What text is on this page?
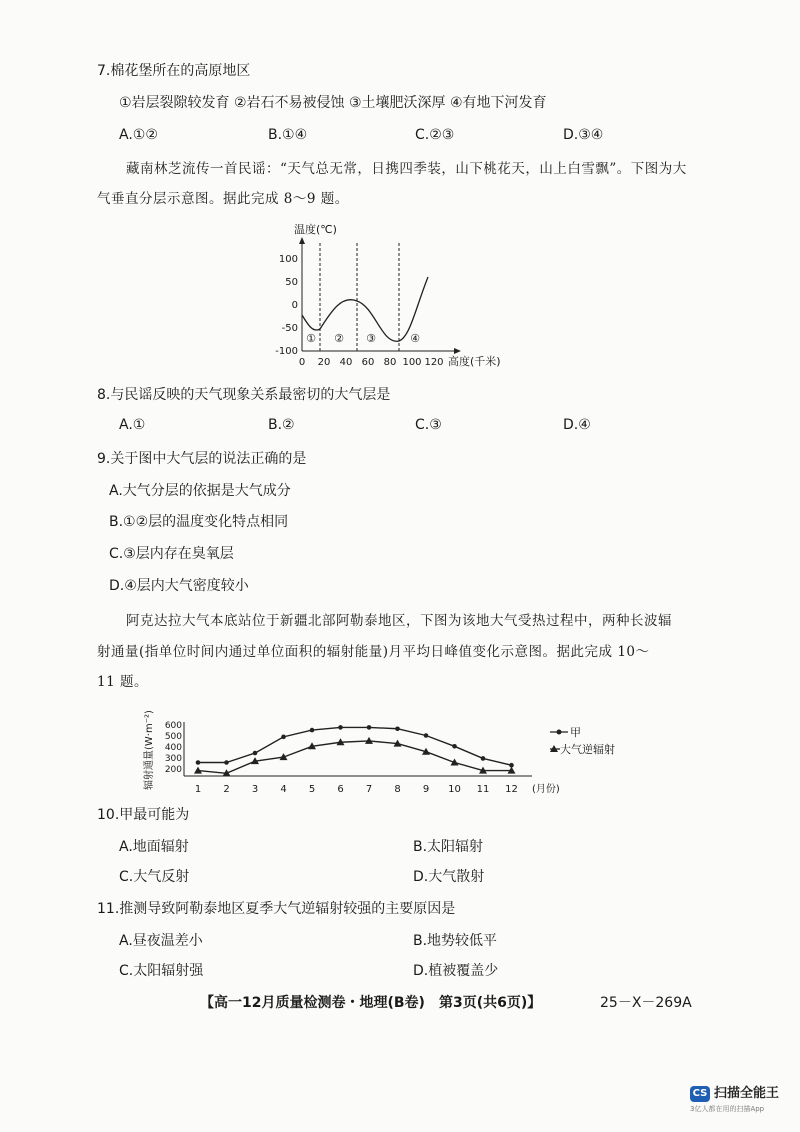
7.棉花堡所在的高原地区
①岩层裂隙较发育 ②岩石不易被侵蚀 ③土壤肥沃深厚 ④有地下河发育
A.①②	B.①④	C.②③	D.③④
藏南林芝流传一首民谣：“天气总无常，日携四季装，山下桃花天，山上白雪飘”。下图为大
气垂直分层示意图。据此完成 8～9 题。
温度(℃)
100
50
0
-50
-100
0 20 40 60 80 100 120 高度(千米)
① ② ③	④
8.与民谣反映的天气现象关系最密切的大气层是
A.①	B.②	C.③	D.④
9.关于图中大气层的说法正确的是
A.大气分层的依据是大气成分
B.①②层的温度变化特点相同
C.③层内存在臭氧层
D.④层内大气密度较小
阿克达拉大气本底站位于新疆北部阿勒泰地区，下图为该地大气受热过程中，两种长波辐
射通量(指单位时间内通过单位面积的辐射能量)月平均日峰值变化示意图。据此完成 10～
11 题。
辐射通量(W·m⁻²) 600
500
400
300
200
1 2 3 4 5 6 7 8 9 10 11 12 (月份)
甲
大气逆辐射
10.甲最可能为
A.地面辐射	B.太阳辐射
C.大气反射	D.大气散射
11.推测导致阿勒泰地区夏季大气逆辐射较强的主要原因是
A.昼夜温差小	B.地势较低平
C.太阳辐射强	D.植被覆盖少
【高一12月质量检测卷・地理(B卷)　第3页(共6页)】	25－X－269A
CS 扫描全能王
3亿人都在用的扫描App
